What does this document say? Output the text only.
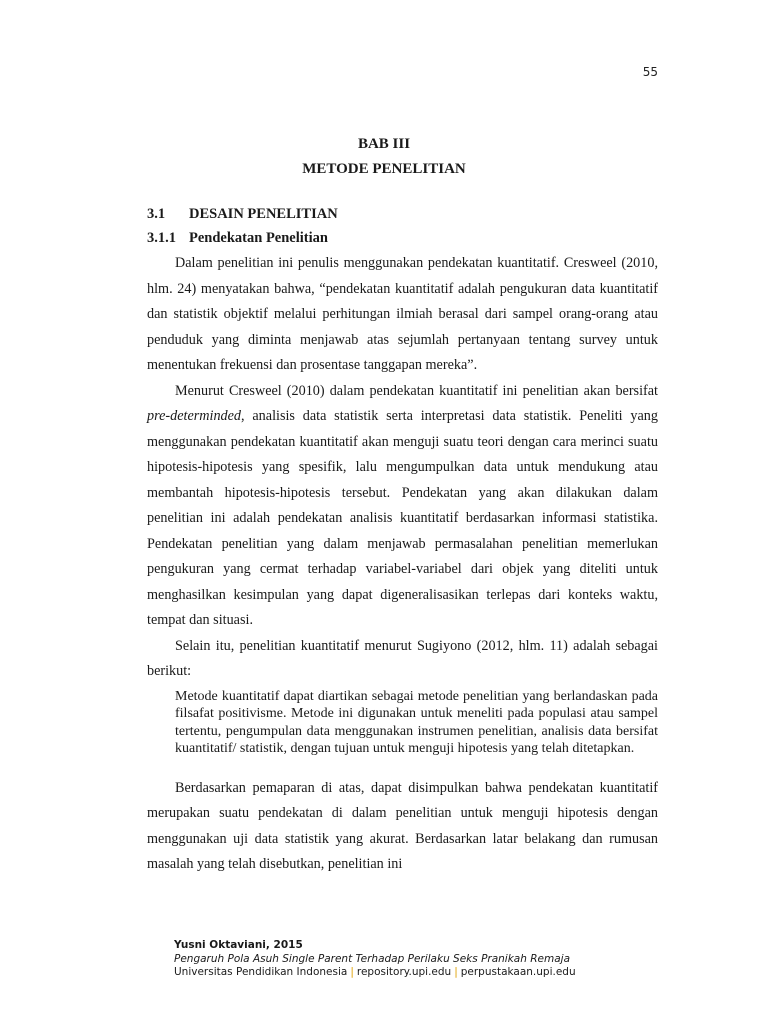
55
BAB III
METODE PENELITIAN
3.1 DESAIN PENELITIAN
3.1.1 Pendekatan Penelitian

Dalam penelitian ini penulis menggunakan pendekatan kuantitatif. Cresweel (2010, hlm. 24) menyatakan bahwa, “pendekatan kuantitatif adalah pengukuran data kuantitatif dan statistik objektif melalui perhitungan ilmiah berasal dari sampel orang-orang atau penduduk yang diminta menjawab atas sejumlah pertanyaan tentang survey untuk menentukan frekuensi dan prosentase tanggapan mereka”.

Menurut Cresweel (2010) dalam pendekatan kuantitatif ini penelitian akan bersifat pre-determinded, analisis data statistik serta interpretasi data statistik. Peneliti yang menggunakan pendekatan kuantitatif akan menguji suatu teori dengan cara merinci suatu hipotesis-hipotesis yang spesifik, lalu mengumpulkan data untuk mendukung atau membantah hipotesis-hipotesis tersebut. Pendekatan yang akan dilakukan dalam penelitian ini adalah pendekatan analisis kuantitatif berdasarkan informasi statistika. Pendekatan penelitian yang dalam menjawab permasalahan penelitian memerlukan pengukuran yang cermat terhadap variabel-variabel dari objek yang diteliti untuk menghasilkan kesimpulan yang dapat digeneralisasikan terlepas dari konteks waktu, tempat dan situasi.

Selain itu, penelitian kuantitatif menurut Sugiyono (2012, hlm. 11) adalah sebagai berikut:

Metode kuantitatif dapat diartikan sebagai metode penelitian yang berlandaskan pada filsafat positivisme. Metode ini digunakan untuk meneliti pada populasi atau sampel tertentu, pengumpulan data menggunakan instrumen penelitian, analisis data bersifat kuantitatif/ statistik, dengan tujuan untuk menguji hipotesis yang telah ditetapkan.

Berdasarkan pemaparan di atas, dapat disimpulkan bahwa pendekatan kuantitatif merupakan suatu pendekatan di dalam penelitian untuk menguji hipotesis dengan menggunakan uji data statistik yang akurat. Berdasarkan latar belakang dan rumusan masalah yang telah disebutkan, penelitian ini

Yusni Oktaviani, 2015
Pengaruh Pola Asuh Single Parent Terhadap Perilaku Seks Pranikah Remaja
Universitas Pendidikan Indonesia | repository.upi.edu | perpustakaan.upi.edu
